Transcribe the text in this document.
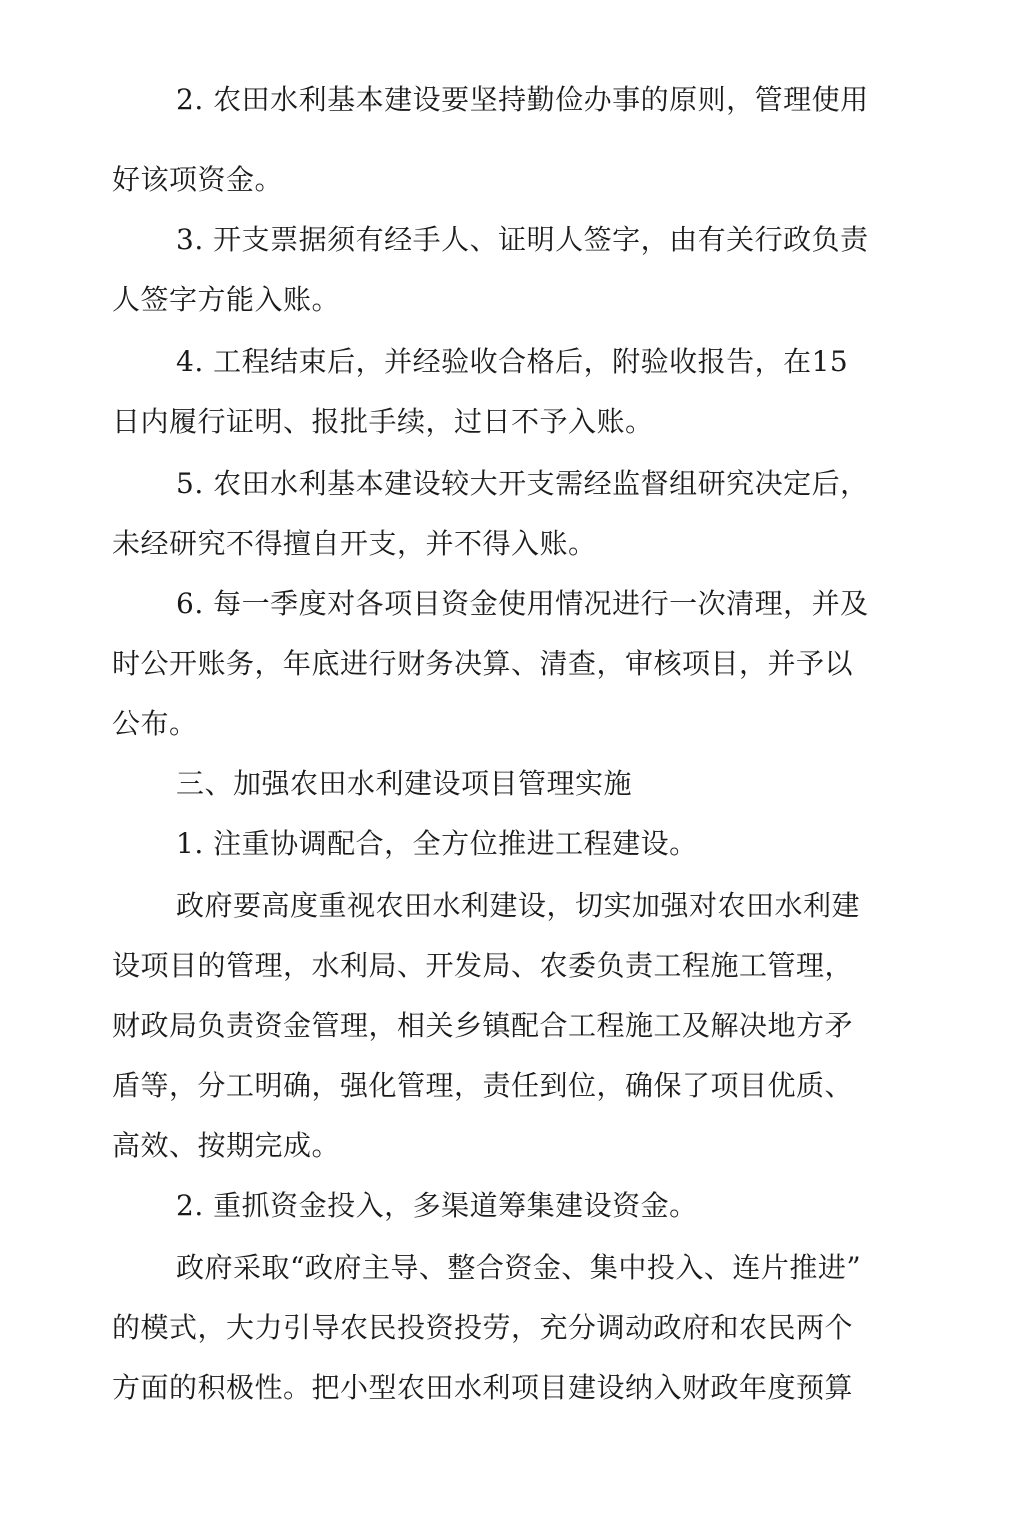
2. 农田水利基本建设要坚持勤俭办事的原则，管理使用
好该项资金。
3. 开支票据须有经手人、证明人签字，由有关行政负责
人签字方能入账。
4. 工程结束后，并经验收合格后，附验收报告，在15
日内履行证明、报批手续，过日不予入账。
5. 农田水利基本建设较大开支需经监督组研究决定后，
未经研究不得擅自开支，并不得入账。
6. 每一季度对各项目资金使用情况进行一次清理，并及
时公开账务，年底进行财务决算、清查，审核项目，并予以
公布。
三、加强农田水利建设项目管理实施
1. 注重协调配合，全方位推进工程建设。
政府要高度重视农田水利建设，切实加强对农田水利建
设项目的管理，水利局、开发局、农委负责工程施工管理，
财政局负责资金管理，相关乡镇配合工程施工及解决地方矛
盾等，分工明确，强化管理，责任到位，确保了项目优质、
高效、按期完成。
2. 重抓资金投入，多渠道筹集建设资金。
政府采取“政府主导、整合资金、集中投入、连片推进”
的模式，大力引导农民投资投劳，充分调动政府和农民两个
方面的积极性。把小型农田水利项目建设纳入财政年度预算
